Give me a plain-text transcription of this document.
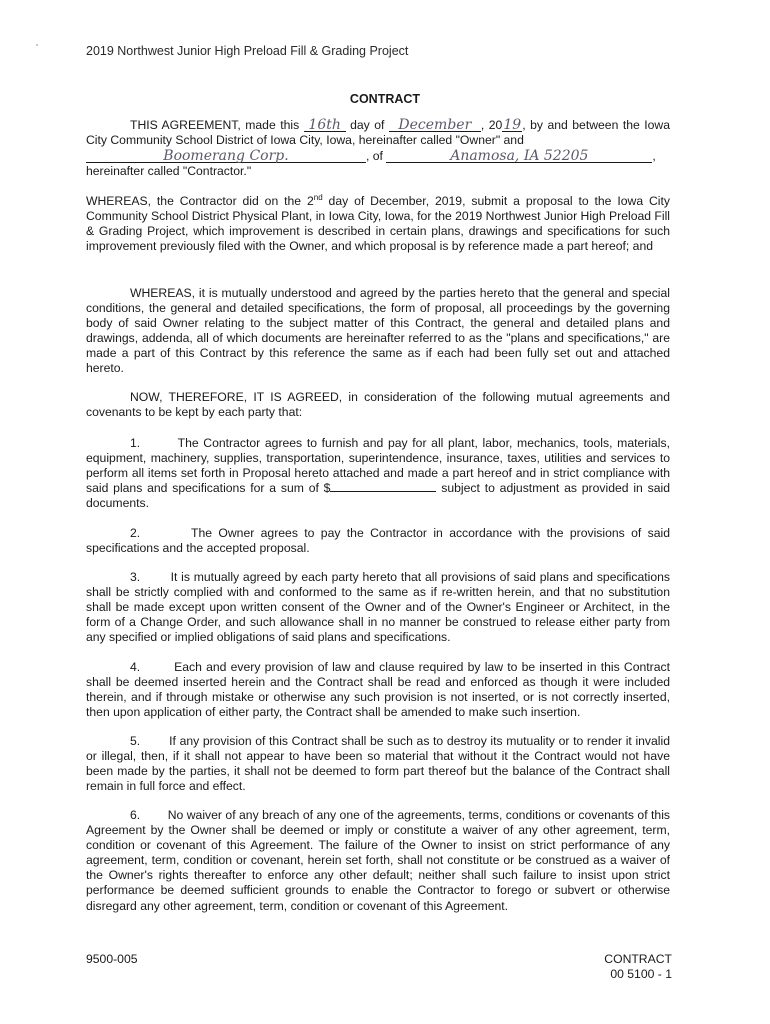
2019 Northwest Junior High Preload Fill & Grading Project
CONTRACT
THIS AGREEMENT, made this 16th day of December , 2019, by and between the Iowa City Community School District of Iowa City, Iowa, hereinafter called "Owner" and
Boomerang Corp.	, of	Anamosa, IA 52205	,
hereinafter called "Contractor."
WHEREAS, the Contractor did on the 2nd day of December, 2019, submit a proposal to the Iowa City Community School District Physical Plant, in Iowa City, Iowa, for the 2019 Northwest Junior High Preload Fill & Grading Project, which improvement is described in certain plans, drawings and specifications for such improvement previously filed with the Owner, and which proposal is by reference made a part hereof; and
WHEREAS, it is mutually understood and agreed by the parties hereto that the general and special conditions, the general and detailed specifications, the form of proposal, all proceedings by the governing body of said Owner relating to the subject matter of this Contract, the general and detailed plans and drawings, addenda, all of which documents are hereinafter referred to as the "plans and specifications," are made a part of this Contract by this reference the same as if each had been fully set out and attached hereto.
NOW, THEREFORE, IT IS AGREED, in consideration of the following mutual agreements and covenants to be kept by each party that:
1.	The Contractor agrees to furnish and pay for all plant, labor, mechanics, tools, materials, equipment, machinery, supplies, transportation, superintendence, insurance, taxes, utilities and services to perform all items set forth in Proposal hereto attached and made a part hereof and in strict compliance with said plans and specifications for a sum of $	subject to adjustment as provided in said documents.
2.	The Owner agrees to pay the Contractor in accordance with the provisions of said specifications and the accepted proposal.
3. It is mutually agreed by each party hereto that all provisions of said plans and specifications shall be strictly complied with and conformed to the same as if re-written herein, and that no substitution shall be made except upon written consent of the Owner and of the Owner's Engineer or Architect, in the form of a Change Order, and such allowance shall in no manner be construed to release either party from any specified or implied obligations of said plans and specifications.
4.	Each and every provision of law and clause required by law to be inserted in this Contract shall be deemed inserted herein and the Contract shall be read and enforced as though it were included therein, and if through mistake or otherwise any such provision is not inserted, or is not correctly inserted, then upon application of either party, the Contract shall be amended to make such insertion.
5. If any provision of this Contract shall be such as to destroy its mutuality or to render it invalid or illegal, then, if it shall not appear to have been so material that without it the Contract would not have been made by the parties, it shall not be deemed to form part thereof but the balance of the Contract shall remain in full force and effect.
6. No waiver of any breach of any one of the agreements, terms, conditions or covenants of this Agreement by the Owner shall be deemed or imply or constitute a waiver of any other agreement, term, condition or covenant of this Agreement. The failure of the Owner to insist on strict performance of any agreement, term, condition or covenant, herein set forth, shall not constitute or be construed as a waiver of the Owner's rights thereafter to enforce any other default; neither shall such failure to insist upon strict performance be deemed sufficient grounds to enable the Contractor to forego or subvert or otherwise disregard any other agreement, term, condition or covenant of this Agreement.
9500-005	CONTRACT
00 5100 - 1
